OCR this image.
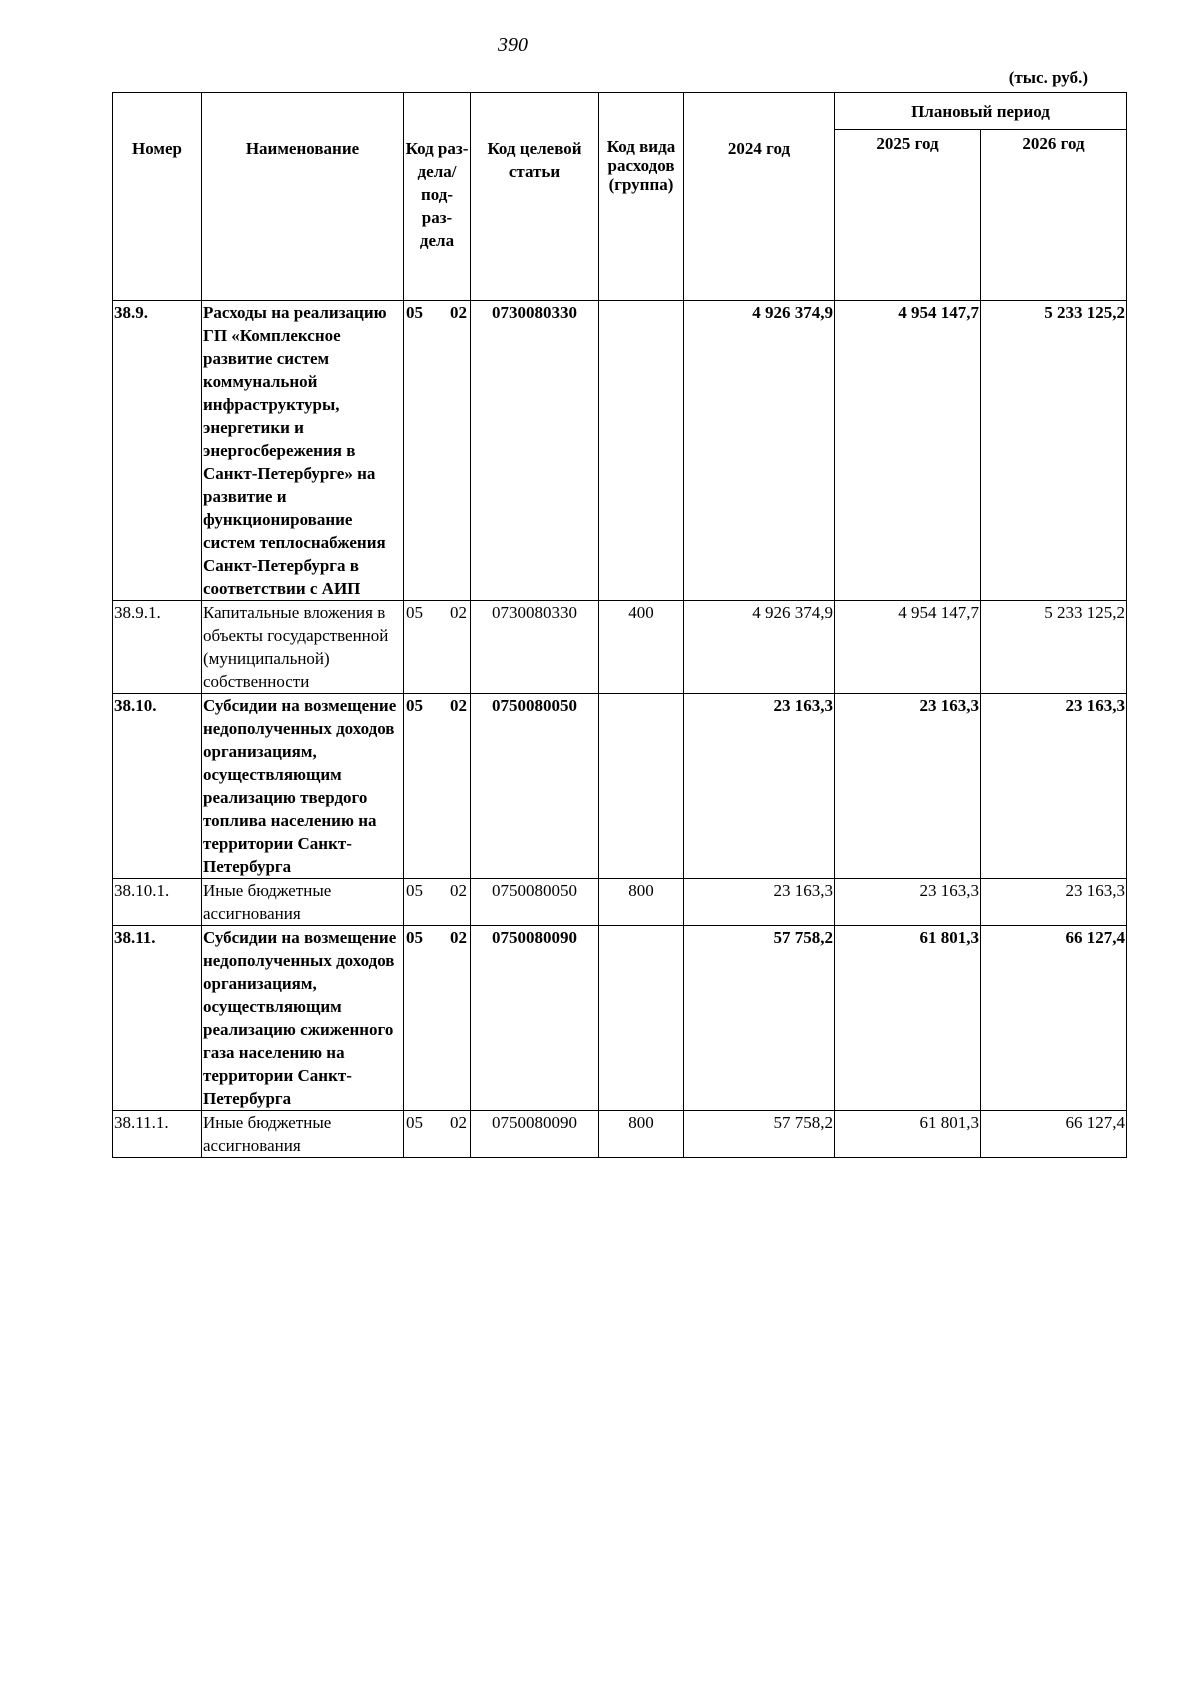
390
(тыс. руб.)
Номер	Наименование	Код раз- дела/ под- раз- дела	Код целевой статьи	Код вида расходов (группа)	2024 год	Плановый период	
						2025 год	2026 год
38.9.	Расходы на реализацию ГП «Комплексное развитие систем коммунальной инфраструктуры, энергетики и энергосбережения в Санкт-Петербурге» на развитие и функционирование систем теплоснабжения Санкт-Петербурга в соответствии с АИП	05 02	0730080330		4 926 374,9	4 954 147,7	5 233 125,2
38.9.1.	Капитальные вложения в объекты государственной (муниципальной) собственности	05 02	0730080330	400	4 926 374,9	4 954 147,7	5 233 125,2
38.10.	Субсидии на возмещение недополученных доходов организациям, осуществляющим реализацию твердого топлива населению на территории Санкт-Петербурга	05 02	0750080050		23 163,3	23 163,3	23 163,3
38.10.1.	Иные бюджетные ассигнования	05 02	0750080050	800	23 163,3	23 163,3	23 163,3
38.11.	Субсидии на возмещение недополученных доходов организациям, осуществляющим реализацию сжиженного газа населению на территории Санкт-Петербурга	05 02	0750080090		57 758,2	61 801,3	66 127,4
38.11.1.	Иные бюджетные ассигнования	05 02	0750080090	800	57 758,2	61 801,3	66 127,4
